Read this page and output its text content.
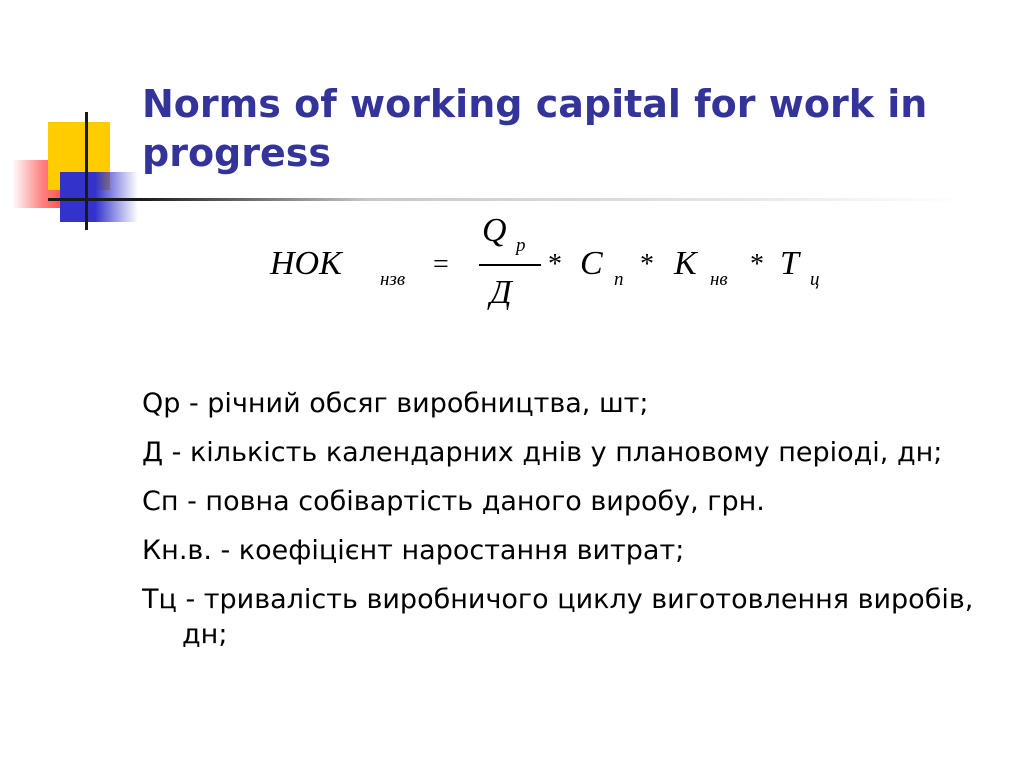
Norms of working capital for work in progress
НОК нзв =
Q р
Д
* С п * К нв * Т ц
Qр - річний обсяг виробництва, шт;
Д - кількість календарних днів у плановому періоді, дн;
Сп - повна собівартість даного виробу, грн.
Кн.в. - коефіцієнт наростання витрат;
Тц - тривалість виробничого циклу виготовлення виробів, дн;
